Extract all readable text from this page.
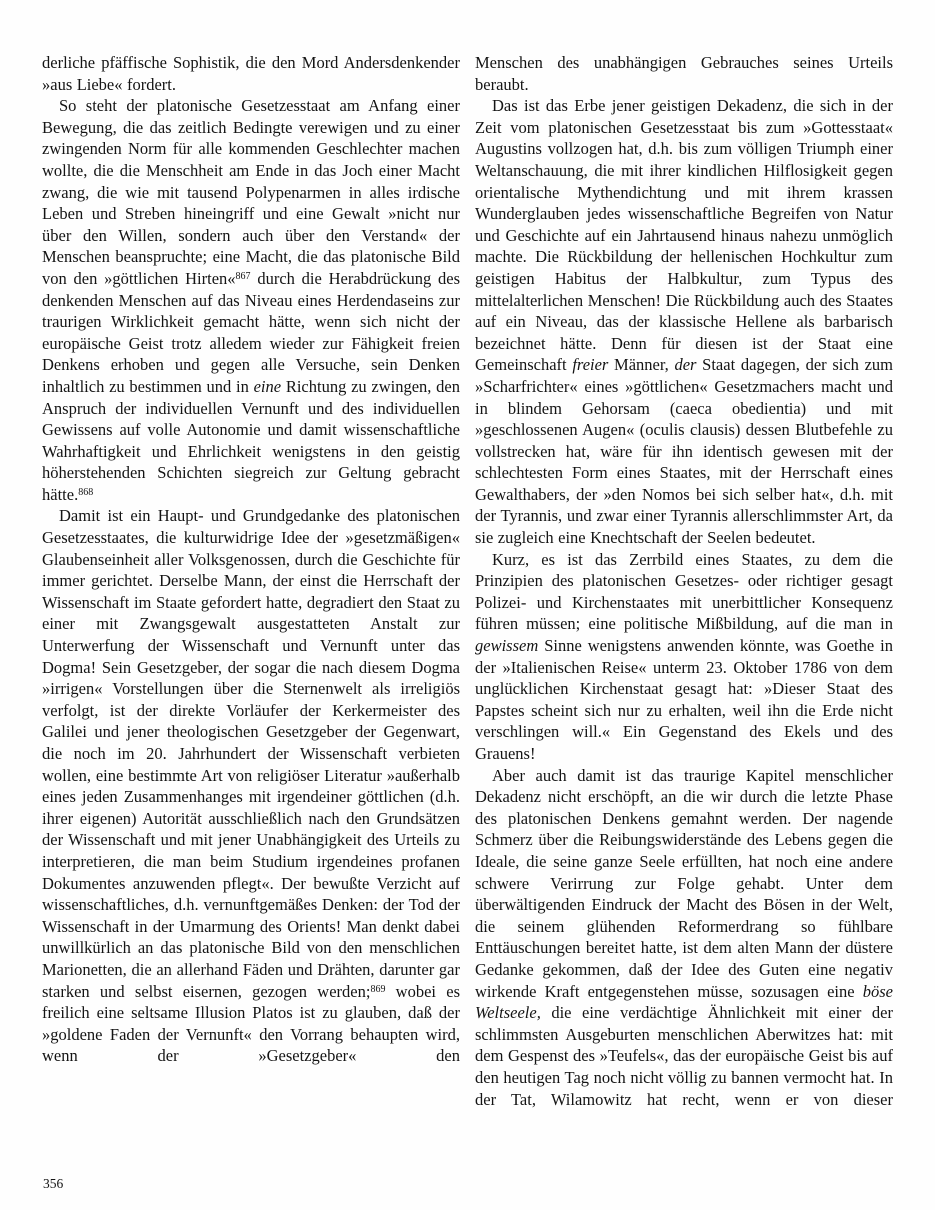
derliche pfäffische Sophistik, die den Mord Andersdenkender »aus Liebe« fordert.

So steht der platonische Gesetzesstaat am Anfang einer Bewegung, die das zeitlich Bedingte verewigen und zu einer zwingenden Norm für alle kommenden Geschlechter machen wollte, die die Menschheit am Ende in das Joch einer Macht zwang, die wie mit tausend Polypenarmen in alles irdische Leben und Streben hineingriff und eine Gewalt »nicht nur über den Willen, sondern auch über den Verstand« der Menschen beanspruchte; eine Macht, die das platonische Bild von den »göttlichen Hirten«$^{867}$ durch die Herabdrückung des denkenden Menschen auf das Niveau eines Herdendaseins zur traurigen Wirklichkeit gemacht hätte, wenn sich nicht der europäische Geist trotz alledem wieder zur Fähigkeit freien Denkens erhoben und gegen alle Versuche, sein Denken inhaltlich zu bestimmen und in eine Richtung zu zwingen, den Anspruch der individuellen Vernunft und des individuellen Gewissens auf volle Autonomie und damit wissenschaftliche Wahrhaftigkeit und Ehrlichkeit wenigstens in den geistig höherstehenden Schichten siegreich zur Geltung gebracht hätte.$^{868}$

Damit ist ein Haupt- und Grundgedanke des platonischen Gesetzesstaates, die kulturwidrige Idee der »gesetzmäßigen« Glaubenseinheit aller Volksgenossen, durch die Geschichte für immer gerichtet. Derselbe Mann, der einst die Herrschaft der Wissenschaft im Staate gefordert hatte, degradiert den Staat zu einer mit Zwangsgewalt ausgestatteten Anstalt zur Unterwerfung der Wissenschaft und Vernunft unter das Dogma! Sein Gesetzgeber, der sogar die nach diesem Dogma »irrigen« Vorstellungen über die Sternenwelt als irreligiös verfolgt, ist der direkte Vorläufer der Kerkermeister des Galilei und jener theologischen Gesetzgeber der Gegenwart, die noch im 20. Jahrhundert der Wissenschaft verbieten wollen, eine bestimmte Art von religiöser Literatur »außerhalb eines jeden Zusammenhanges mit irgendeiner göttlichen (d.h. ihrer eigenen) Autorität ausschließlich nach den Grundsätzen der Wissenschaft und mit jener Unabhängigkeit des Urteils zu interpretieren, die man beim Studium irgendeines profanen Dokumentes anzuwenden pflegt«. Der bewußte Verzicht auf wissenschaftliches, d.h. vernunftgemäßes Denken: der Tod der Wissenschaft in der Umarmung des Orients! Man denkt dabei unwillkürlich an das platonische Bild von den menschlichen Marionetten, die an allerhand Fäden und Drähten, darunter gar starken und selbst eisernen, gezogen werden;$^{869}$ wobei es freilich eine seltsame Illusion Platos ist zu glauben, daß der »goldene Faden der Vernunft« den Vorrang behaupten wird, wenn der »Gesetzgeber« den

Menschen des unabhängigen Gebrauches seines Urteils beraubt.

Das ist das Erbe jener geistigen Dekadenz, die sich in der Zeit vom platonischen Gesetzesstaat bis zum »Gottesstaat« Augustins vollzogen hat, d.h. bis zum völligen Triumph einer Weltanschauung, die mit ihrer kindlichen Hilflosigkeit gegen orientalische Mythendichtung und mit ihrem krassen Wunderglauben jedes wissenschaftliche Begreifen von Natur und Geschichte auf ein Jahrtausend hinaus nahezu unmöglich machte. Die Rückbildung der hellenischen Hochkultur zum geistigen Habitus der Halbkultur, zum Typus des mittelalterlichen Menschen! Die Rückbildung auch des Staates auf ein Niveau, das der klassische Hellene als barbarisch bezeichnet hätte. Denn für diesen ist der Staat eine Gemeinschaft freier Männer, der Staat dagegen, der sich zum »Scharfrichter« eines »göttlichen« Gesetzmachers macht und in blindem Gehorsam (caeca obedientia) und mit »geschlossenen Augen« (oculis clausis) dessen Blutbefehle zu vollstrecken hat, wäre für ihn identisch gewesen mit der schlechtesten Form eines Staates, mit der Herrschaft eines Gewalthabers, der »den Nomos bei sich selber hat«, d.h. mit der Tyrannis, und zwar einer Tyrannis allerschlimmster Art, da sie zugleich eine Knechtschaft der Seelen bedeutet.

Kurz, es ist das Zerrbild eines Staates, zu dem die Prinzipien des platonischen Gesetzes- oder richtiger gesagt Polizei- und Kirchenstaates mit unerbittlicher Konsequenz führen müssen; eine politische Mißbildung, auf die man in gewissem Sinne wenigstens anwenden könnte, was Goethe in der »Italienischen Reise« unterm 23. Oktober 1786 von dem unglücklichen Kirchenstaat gesagt hat: »Dieser Staat des Papstes scheint sich nur zu erhalten, weil ihn die Erde nicht verschlingen will.« Ein Gegenstand des Ekels und des Grauens!

Aber auch damit ist das traurige Kapitel menschlicher Dekadenz nicht erschöpft, an die wir durch die letzte Phase des platonischen Denkens gemahnt werden. Der nagende Schmerz über die Reibungswiderstände des Lebens gegen die Ideale, die seine ganze Seele erfüllten, hat noch eine andere schwere Verirrung zur Folge gehabt. Unter dem überwältigenden Eindruck der Macht des Bösen in der Welt, die seinem glühenden Reformerdrang so fühlbare Enttäuschungen bereitet hatte, ist dem alten Mann der düstere Gedanke gekommen, daß der Idee des Guten eine negativ wirkende Kraft entgegenstehen müsse, sozusagen eine böse Weltseele, die eine verdächtige Ähnlichkeit mit einer der schlimmsten Ausgeburten menschlichen Aberwitzes hat: mit dem Gespenst des »Teufels«, das der europäische Geist bis auf den heutigen Tag noch nicht völlig zu bannen vermocht hat. In der Tat, Wilamowitz hat recht, wenn er von dieser

356
